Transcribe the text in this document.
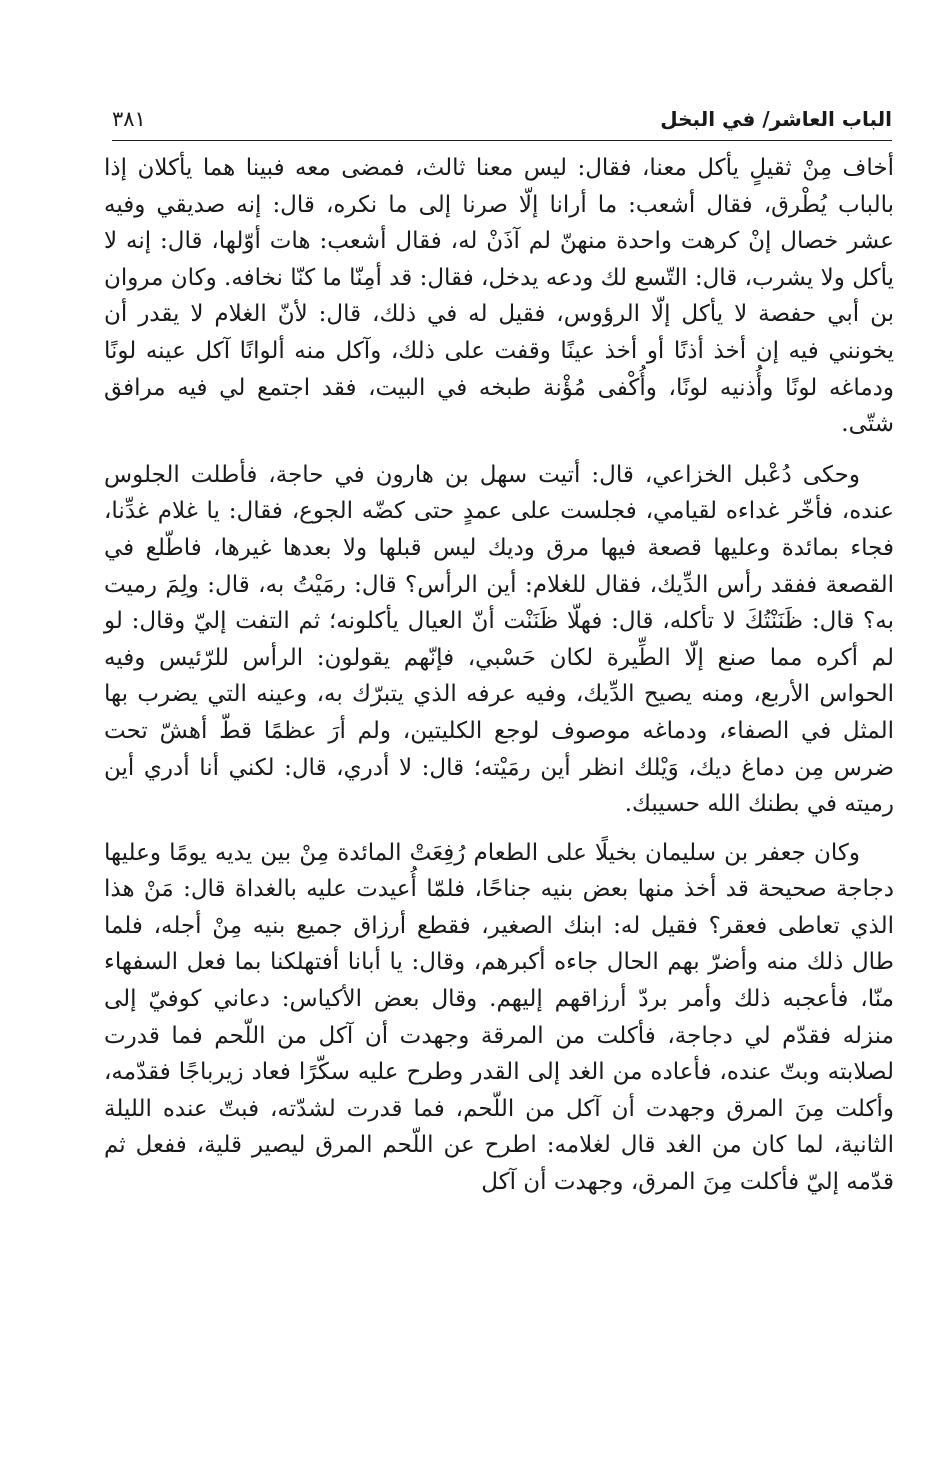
الباب العاشر/ في البخل
٣٨١

أخاف مِنْ ثقيلٍ يأكل معنا، فقال: ليس معنا ثالث، فمضى معه فبينا هما يأكلان إذا بالباب يُطْرق، فقال أشعب: ما أرانا إلّا صرنا إلى ما نكره، قال: إنه صديقي وفيه عشر خصال إنْ كرهت واحدة منهنّ لم آذَنْ له، فقال أشعب: هات أوّلها، قال: إنه لا يأكل ولا يشرب، قال: التّسع لك ودعه يدخل، فقال: قد أمِنّا ما كنّا نخافه. وكان مروان بن أبي حفصة لا يأكل إلّا الرؤوس، فقيل له في ذلك، قال: لأنّ الغلام لا يقدر أن يخونني فيه إن أخذ أذنًا أو أخذ عينًا وقفت على ذلك، وآكل منه ألوانًا آكل عينه لونًا ودماغه لونًا وأُذنيه لونًا، وأُكْفى مُؤْنة طبخه في البيت، فقد اجتمع لي فيه مرافق شتّى.

وحكى دُعْبل الخزاعي، قال: أتيت سهل بن هارون في حاجة، فأطلت الجلوس عنده، فأخّر غداءه لقيامي، فجلست على عمدٍ حتى كضّه الجوع، فقال: يا غلام غدِّنا، فجاء بمائدة وعليها قصعة فيها مرق وديك ليس قبلها ولا بعدها غيرها، فاطّلع في القصعة ففقد رأس الدِّيك، فقال للغلام: أين الرأس؟ قال: رمَيْتُ به، قال: ولِمَ رميت به؟ قال: ظَنَنْتُكَ لا تأكله، قال: فهلّا ظَنَنْت أنّ العيال يأكلونه؛ ثم التفت إليّ وقال: لو لم أكره مما صنع إلّا الطِّيرة لكان حَسْبي، فإنّهم يقولون: الرأس للرّئيس وفيه الحواس الأربع، ومنه يصيح الدِّيك، وفيه عرفه الذي يتبرّك به، وعينه التي يضرب بها المثل في الصفاء، ودماغه موصوف لوجع الكليتين، ولم أرَ عظمًا قطّ أهشّ تحت ضرس مِن دماغ ديك، وَيْلك انظر أين رمَيْته؛ قال: لا أدري، قال: لكني أنا أدري أين رميته في بطنك الله حسيبك.

وكان جعفر بن سليمان بخيلًا على الطعام رُفِعَتْ المائدة مِنْ بين يديه يومًا وعليها دجاجة صحيحة قد أخذ منها بعض بنيه جناحًا، فلمّا أُعيدت عليه بالغداة قال: مَنْ هذا الذي تعاطى فعقر؟ فقيل له: ابنك الصغير، فقطع أرزاق جميع بنيه مِنْ أجله، فلما طال ذلك منه وأضرّ بهم الحال جاءه أكبرهم، وقال: يا أبانا أفتهلكنا بما فعل السفهاء منّا، فأعجبه ذلك وأمر بردّ أرزاقهم إليهم. وقال بعض الأكياس: دعاني كوفيّ إلى منزله فقدّم لي دجاجة، فأكلت من المرقة وجهدت أن آكل من اللّحم فما قدرت لصلابته وبتّ عنده، فأعاده من الغد إلى القدر وطرح عليه سكّرًا فعاد زيرباجًا فقدّمه، وأكلت مِنَ المرق وجهدت أن آكل من اللّحم، فما قدرت لشدّته، فبتّ عنده الليلة الثانية، لما كان من الغد قال لغلامه: اطرح عن اللّحم المرق ليصير قلية، ففعل ثم قدّمه إليّ فأكلت مِنَ المرق، وجهدت أن آكل
